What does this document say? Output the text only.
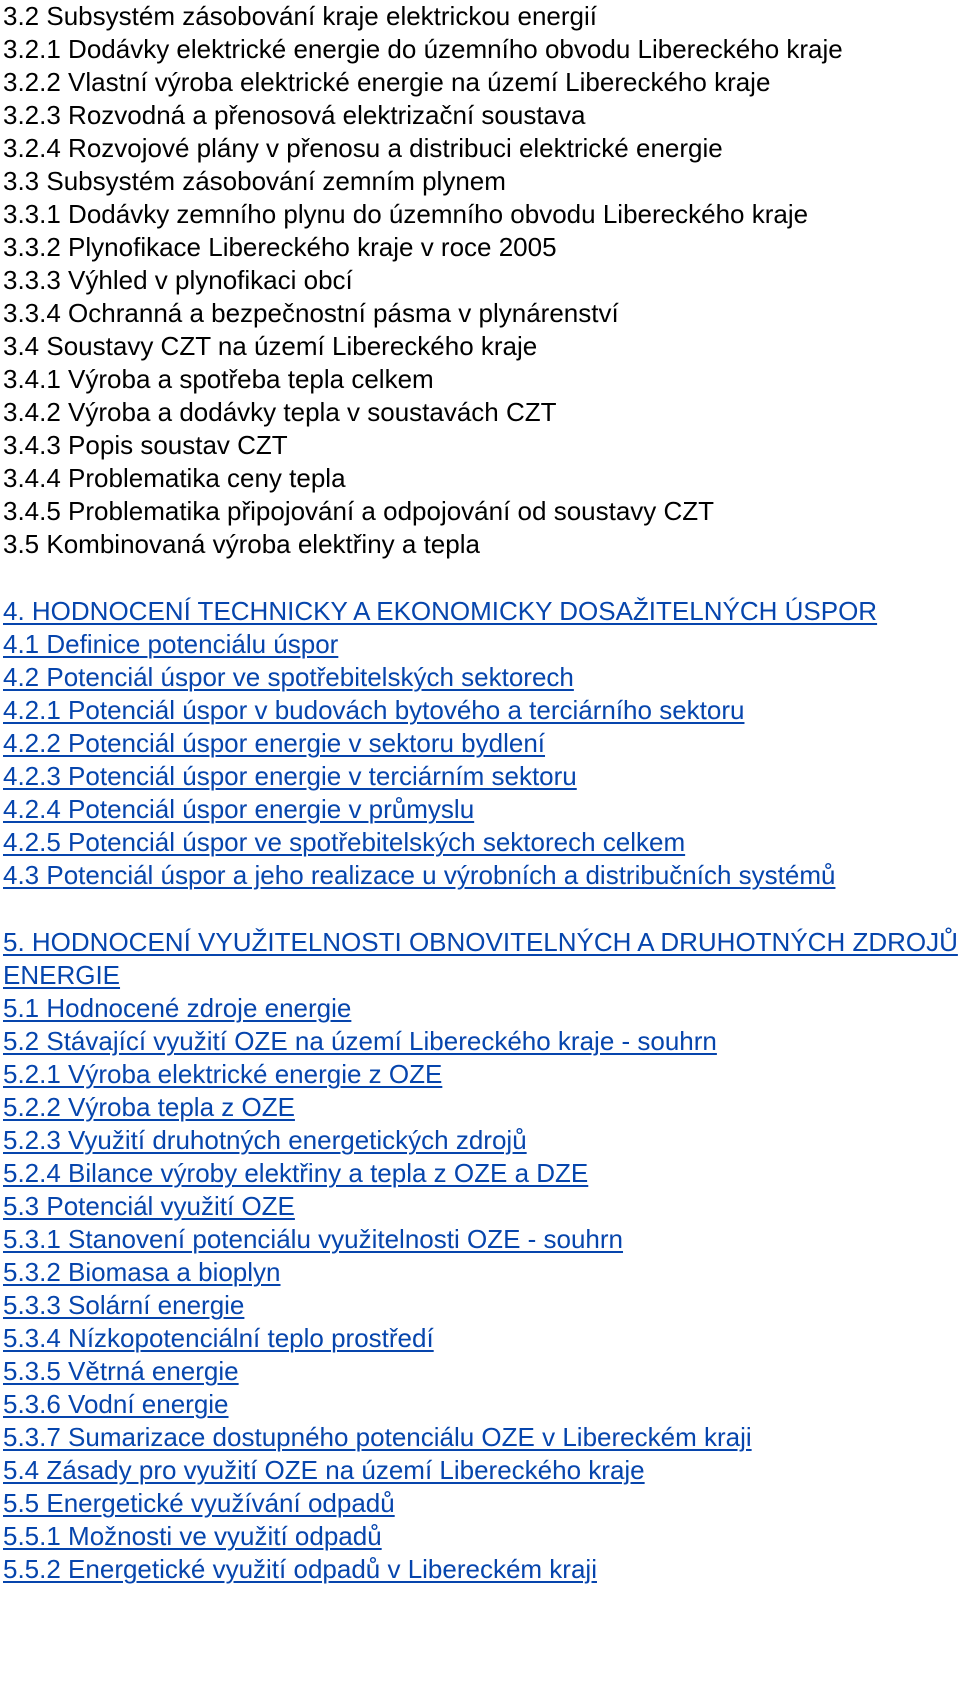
3.2 Subsystém zásobování kraje elektrickou energií
3.2.1 Dodávky elektrické energie do územního obvodu Libereckého kraje
3.2.2 Vlastní výroba elektrické energie na území Libereckého kraje
3.2.3 Rozvodná a přenosová elektrizační soustava
3.2.4 Rozvojové plány v přenosu a distribuci elektrické energie
3.3 Subsystém zásobování zemním plynem
3.3.1 Dodávky zemního plynu do územního obvodu Libereckého kraje
3.3.2 Plynofikace Libereckého kraje v roce 2005
3.3.3 Výhled v plynofikaci obcí
3.3.4 Ochranná a bezpečnostní pásma v plynárenství
3.4 Soustavy CZT na území Libereckého kraje
3.4.1 Výroba a spotřeba tepla celkem
3.4.2 Výroba a dodávky tepla v soustavách CZT
3.4.3 Popis soustav CZT
3.4.4 Problematika ceny tepla
3.4.5 Problematika připojování a odpojování od soustavy CZT
3.5 Kombinovaná výroba elektřiny a tepla
4. HODNOCENÍ TECHNICKY A EKONOMICKY DOSAŽITELNÝCH ÚSPOR
4.1 Definice potenciálu úspor
4.2 Potenciál úspor ve spotřebitelských sektorech
4.2.1 Potenciál úspor v budovách bytového a terciárního sektoru
4.2.2 Potenciál úspor energie v sektoru bydlení
4.2.3 Potenciál úspor energie v terciárním sektoru
4.2.4 Potenciál úspor energie v průmyslu
4.2.5 Potenciál úspor ve spotřebitelských sektorech celkem
4.3 Potenciál úspor a jeho realizace u výrobních a distribučních systémů
5. HODNOCENÍ VYUŽITELNOSTI OBNOVITELNÝCH A DRUHOTNÝCH ZDROJŮ ENERGIE
5.1 Hodnocené zdroje energie
5.2 Stávající využití OZE na území Libereckého kraje - souhrn
5.2.1 Výroba elektrické energie z OZE
5.2.2 Výroba tepla z OZE
5.2.3 Využití druhotných energetických zdrojů
5.2.4 Bilance výroby elektřiny a tepla z OZE a DZE
5.3 Potenciál využití OZE
5.3.1 Stanovení potenciálu využitelnosti OZE - souhrn
5.3.2 Biomasa a bioplyn
5.3.3 Solární energie
5.3.4 Nízkopotenciální teplo prostředí
5.3.5 Větrná energie
5.3.6 Vodní energie
5.3.7 Sumarizace dostupného potenciálu OZE v Libereckém kraji
5.4 Zásady pro využití OZE na území Libereckého kraje
5.5 Energetické využívání odpadů
5.5.1 Možnosti ve využití odpadů
5.5.2 Energetické využití odpadů v Libereckém kraji
